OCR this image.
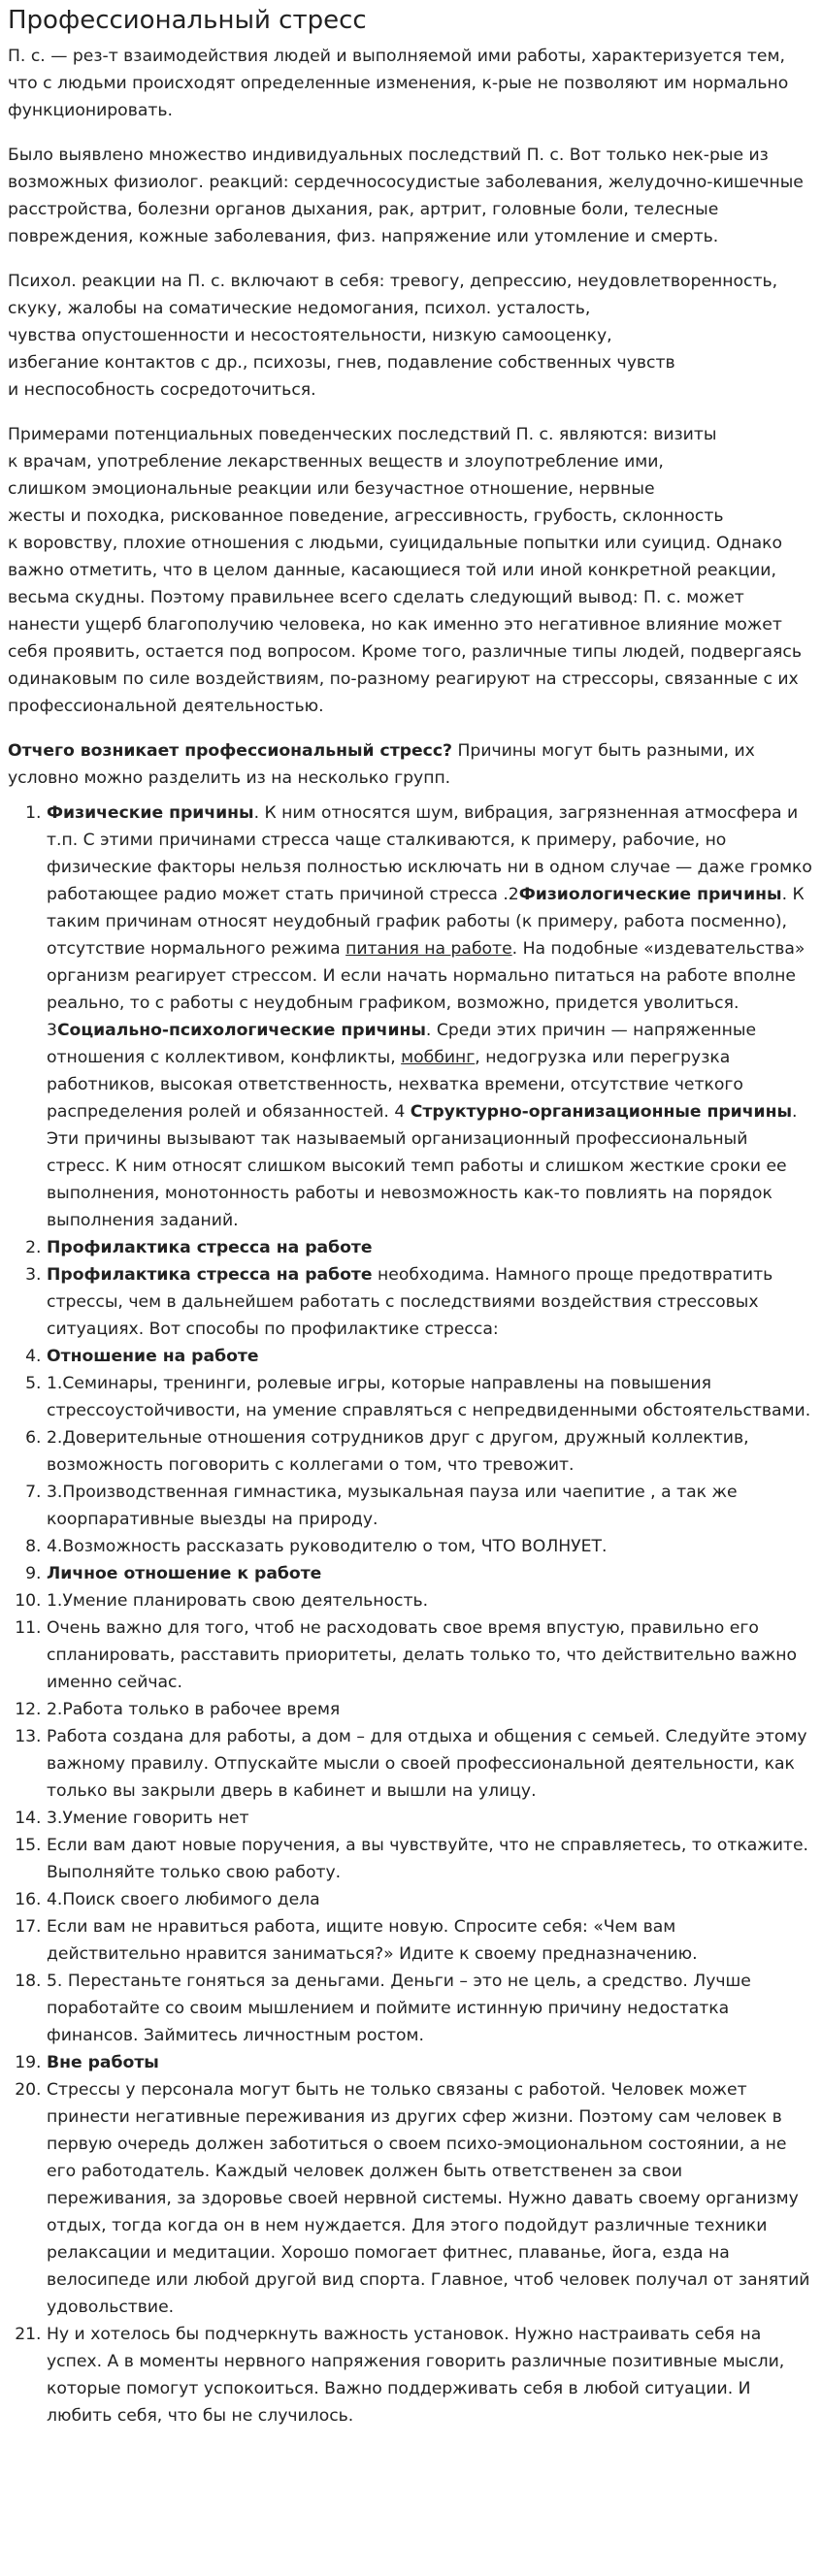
Профессиональный стресс

П. с. — рез-т взаимодействия людей и выполняемой ими работы, характеризуется тем, что с людьми происходят определенные изменения, к-рые не позволяют им нормально функционировать.

Было выявлено множество индивидуальных последствий П. с. Вот только нек-рые из возможных физиолог. реакций: сердечнососудистые заболевания, желудочно-кишечные расстройства, болезни органов дыхания, рак, артрит, головные боли, телесные повреждения, кожные заболевания, физ. напряжение или утомление и смерть.

Психол. реакции на П. с. включают в себя: тревогу, депрессию, неудовлетворенность, скуку, жалобы на соматические недомогания, психол. усталость,
чувства опустошенности и несостоятельности, низкую самооценку,
избегание контактов с др., психозы, гнев, подавление собственных чувств
и неспособность сосредоточиться.

Примерами потенциальных поведенческих последствий П. с. являются: визиты
к врачам, употребление лекарственных веществ и злоупотребление ими,
слишком эмоциональные реакции или безучастное отношение, нервные
жесты и походка, рискованное поведение, агрессивность, грубость, склонность
к воровству, плохие отношения с людьми, суицидальные попытки или суицид. Однако важно отметить, что в целом данные, касающиеся той или иной конкретной реакции, весьма скудны. Поэтому правильнее всего сделать следующий вывод: П. с. может нанести ущерб благополучию человека, но как именно это негативное влияние может себя проявить, остается под вопросом. Кроме того, различные типы людей, подвергаясь одинаковым по силе воздействиям, по-разному реагируют на стрессоры, связанные с их профессиональной деятельностью.

Отчего возникает профессиональный стресс? Причины могут быть разными, их условно можно разделить из на несколько групп.

1. Физические причины. К ним относятся шум, вибрация, загрязненная атмосфера и т.п. С этими причинами стресса чаще сталкиваются, к примеру, рабочие, но физические факторы нельзя полностью исключать ни в одном случае — даже громко работающее радио может стать причиной стресса .2Физиологические причины. К таким причинам относят неудобный график работы (к примеру, работа посменно), отсутствие нормального режима питания на работе. На подобные «издевательства» организм реагирует стрессом. И если начать нормально питаться на работе вполне реально, то с работы с неудобным графиком, возможно, придется уволиться. 3Социально-психологические причины. Среди этих причин — напряженные отношения с коллективом, конфликты, моббинг, недогрузка или перегрузка работников, высокая ответственность, нехватка времени, отсутствие четкого распределения ролей и обязанностей. 4 Структурно-организационные причины. Эти причины вызывают так называемый организационный профессиональный стресс. К ним относят слишком высокий темп работы и слишком жесткие сроки ее выполнения, монотонность работы и невозможность как-то повлиять на порядок выполнения заданий.
2. Профилактика стресса на работе
3. Профилактика стресса на работе необходима. Намного проще предотвратить стрессы, чем в дальнейшем работать с последствиями воздействия стрессовых ситуациях. Вот способы по профилактике стресса:
4. Отношение на работе
5. 1.Семинары, тренинги, ролевые игры, которые направлены на повышения стрессоустойчивости, на умение справляться с непредвиденными обстоятельствами.
6. 2.Доверительные отношения сотрудников друг с другом, дружный коллектив, возможность поговорить с коллегами о том, что тревожит.
7. 3.Производственная гимнастика, музыкальная пауза или чаепитие , а так же коорпаративные выезды на природу.
8. 4.Возможность рассказать руководителю о том, ЧТО ВОЛНУЕТ.
9. Личное отношение к работе
10. 1.Умение планировать свою деятельность.
11. Очень важно для того, чтоб не расходовать свое время впустую, правильно его спланировать, расставить приоритеты, делать только то, что действительно важно именно сейчас.
12. 2.Работа только в рабочее время
13. Работа создана для работы, а дом – для отдыха и общения с семьей. Следуйте этому важному правилу. Отпускайте мысли о своей профессиональной деятельности, как только вы закрыли дверь в кабинет и вышли на улицу.
14. 3.Умение говорить нет
15. Если вам дают новые поручения, а вы чувствуйте, что не справляетесь, то откажите. Выполняйте только свою работу.
16. 4.Поиск своего любимого дела
17. Если вам не нравиться работа, ищите новую. Спросите себя: «Чем вам действительно нравится заниматься?» Идите к своему предназначению.
18. 5. Перестаньте гоняться за деньгами. Деньги – это не цель, а средство. Лучше поработайте со своим мышлением и поймите истинную причину недостатка финансов. Займитесь личностным ростом.
19. Вне работы
20. Стрессы у персонала могут быть не только связаны с работой. Человек может принести негативные переживания из других сфер жизни. Поэтому сам человек в первую очередь должен заботиться о своем психо-эмоциональном состоянии, а не его работодатель. Каждый человек должен быть ответственен за свои переживания, за здоровье своей нервной системы. Нужно давать своему организму отдых, тогда когда он в нем нуждается. Для этого подойдут различные техники релаксации и медитации. Хорошо помогает фитнес, плаванье, йога, езда на велосипеде или любой другой вид спорта. Главное, чтоб человек получал от занятий удовольствие.
21. Ну и хотелось бы подчеркнуть важность установок. Нужно настраивать себя на успех. А в моменты нервного напряжения говорить различные позитивные мысли, которые помогут успокоиться. Важно поддерживать себя в любой ситуации. И любить себя, что бы не случилось.
